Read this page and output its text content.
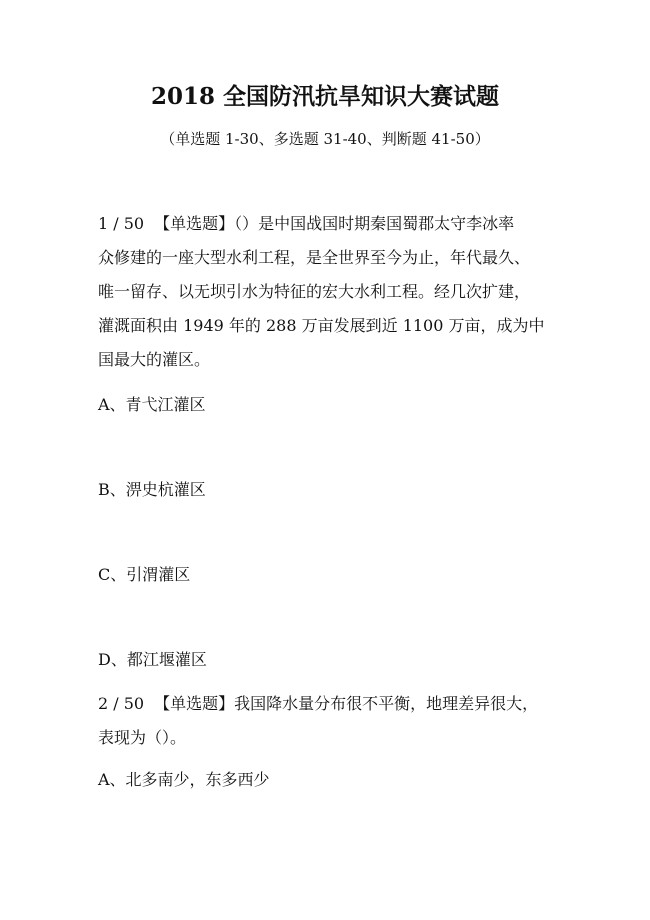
2018 全国防汛抗旱知识大赛试题
（单选题 1-30、多选题 31-40、判断题 41-50）
1 / 50 【单选题】（）是中国战国时期秦国蜀郡太守李冰率
众修建的一座大型水利工程，是全世界至今为止，年代最久、
唯一留存、以无坝引水为特征的宏大水利工程。经几次扩建，
灌溉面积由 1949 年的 288 万亩发展到近 1100 万亩，成为中
国最大的灌区。
A、青弋江灌区
B、淠史杭灌区
C、引渭灌区
D、都江堰灌区
2 / 50 【单选题】我国降水量分布很不平衡，地理差异很大，
表现为（）。
A、北多南少，东多西少
